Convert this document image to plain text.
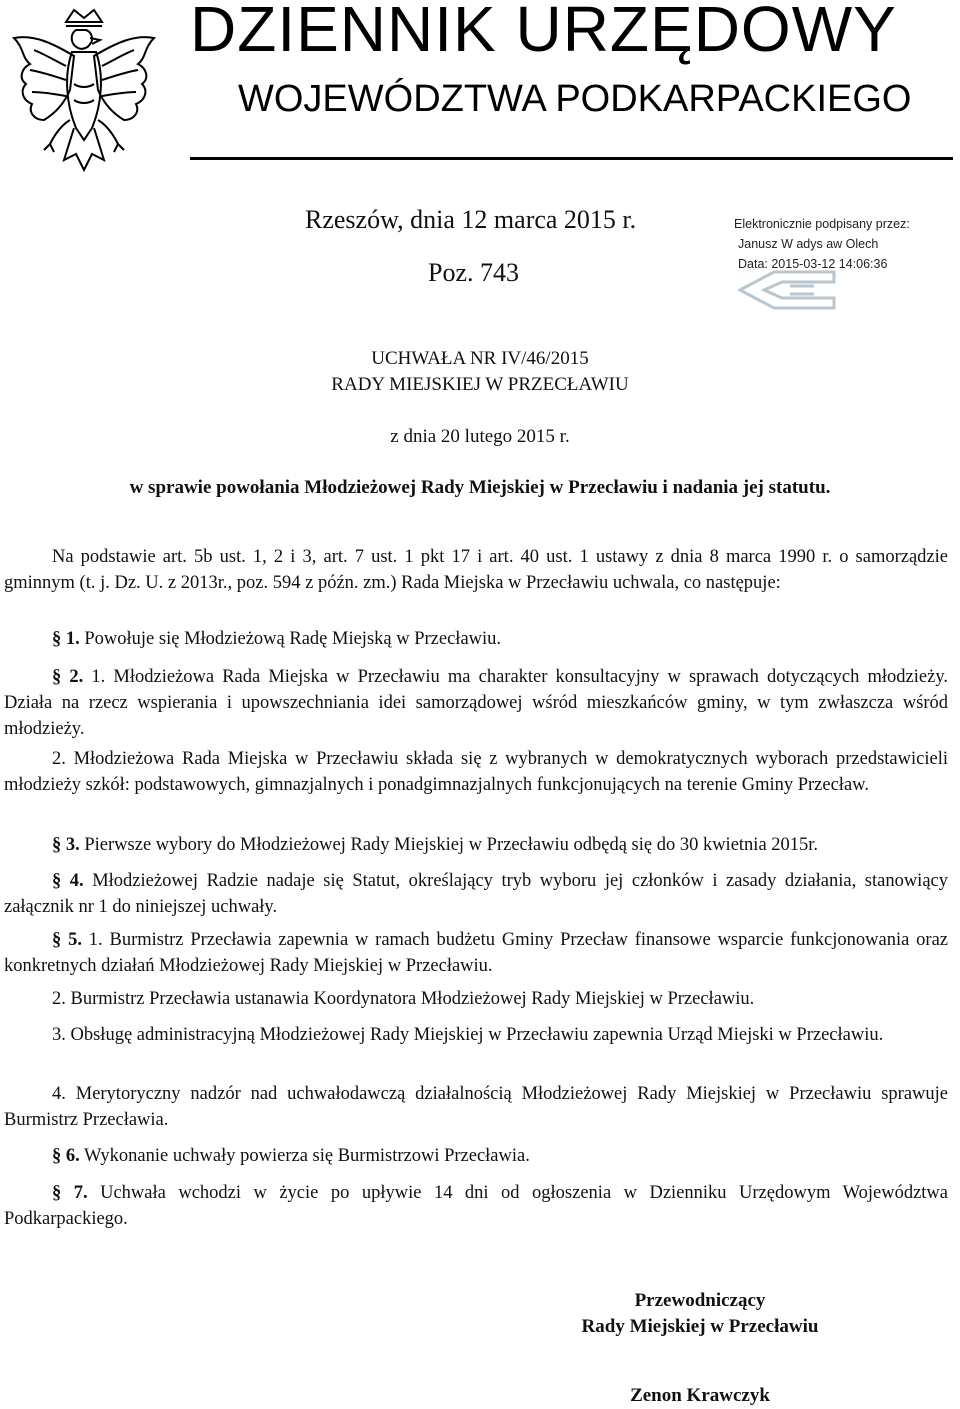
DZIENNIK URZĘDOWY
WOJEWÓDZTWA PODKARPACKIEGO
Rzeszów, dnia 12 marca 2015 r.
Poz. 743
Elektronicznie podpisany przez:
Janusz W adys aw Olech
Data: 2015-03-12 14:06:36
UCHWAŁA NR IV/46/2015
RADY MIEJSKIEJ W PRZECŁAWIU
z dnia 20 lutego 2015 r.
w sprawie powołania Młodzieżowej Rady Miejskiej w Przecławiu i nadania jej statutu.
Na podstawie art. 5b ust. 1, 2 i 3, art. 7 ust. 1 pkt 17 i art. 40 ust. 1 ustawy z dnia 8 marca 1990 r. o samorządzie gminnym (t. j. Dz. U. z 2013r., poz. 594 z późn. zm.) Rada Miejska w Przecławiu uchwala, co następuje:
§ 1. Powołuje się Młodzieżową Radę Miejską w Przecławiu.
§ 2. 1. Młodzieżowa Rada Miejska w Przecławiu ma charakter konsultacyjny w sprawach dotyczących młodzieży. Działa na rzecz wspierania i upowszechniania idei samorządowej wśród mieszkańców gminy, w tym zwłaszcza wśród młodzieży.
2. Młodzieżowa Rada Miejska w Przecławiu składa się z wybranych w demokratycznych wyborach przedstawicieli młodzieży szkół: podstawowych, gimnazjalnych i ponadgimnazjalnych funkcjonujących na terenie Gminy Przecław.
§ 3. Pierwsze wybory do Młodzieżowej Rady Miejskiej w Przecławiu odbędą się do 30 kwietnia 2015r.
§ 4. Młodzieżowej Radzie nadaje się Statut, określający tryb wyboru jej członków i zasady działania, stanowiący załącznik nr 1 do niniejszej uchwały.
§ 5. 1. Burmistrz Przecławia zapewnia w ramach budżetu Gminy Przecław finansowe wsparcie funkcjonowania oraz konkretnych działań Młodzieżowej Rady Miejskiej w Przecławiu.
2. Burmistrz Przecławia ustanawia Koordynatora Młodzieżowej Rady Miejskiej w Przecławiu.
3. Obsługę administracyjną Młodzieżowej Rady Miejskiej w Przecławiu zapewnia Urząd Miejski w Przecławiu.
4. Merytoryczny nadzór nad uchwałodawczą działalnością Młodzieżowej Rady Miejskiej w Przecławiu sprawuje Burmistrz Przecławia.
§ 6. Wykonanie uchwały powierza się Burmistrzowi Przecławia.
§ 7. Uchwała wchodzi w życie po upływie 14 dni od ogłoszenia w Dzienniku Urzędowym Województwa Podkarpackiego.
Przewodniczący
Rady Miejskiej w Przecławiu
Zenon Krawczyk
